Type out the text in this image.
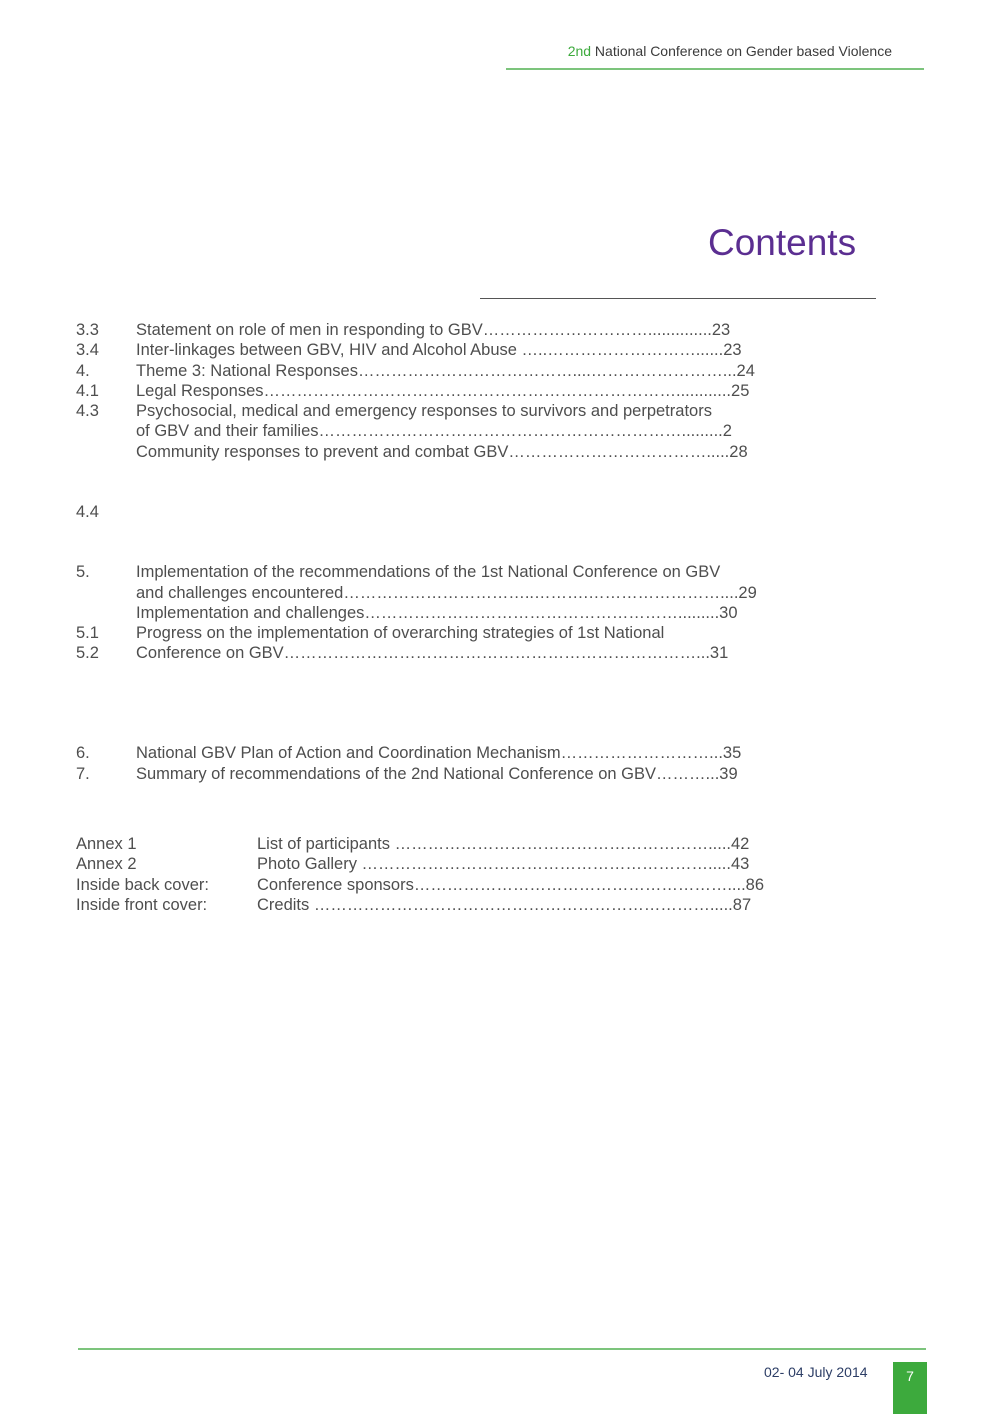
2nd National Conference on Gender based Violence
Contents
3.3 Statement on role of men in responding to GBV…………………………..............23
3.4 Inter-linkages between GBV, HIV and Alcohol Abuse …..………………………......23
4.	Theme 3: National Responses…………………………………....……………………...24
4.1 Legal Responses…………………………………………………………………............25
4.3 Psychosocial, medical and emergency responses to survivors and perpetrators
of GBV and their families………………………………………………………….........2
Community responses to prevent and combat GBV……………………………….....28
4.4
5.	Implementation of the recommendations of the 1st National Conference on GBV
and challenges encountered……………………………..……….……………………....29
Implementation and challenges………………………………………………….........30
5.1 Progress on the implementation of overarching strategies of 1st National
5.2 Conference on GBV…………………………………………………………………...31
6.	National GBV Plan of Action and Coordination Mechanism………………………...35
7.	Summary of recommendations of the 2nd National Conference on GBV………...39
Annex 1	List of participants ………………………………………………….....42
Annex 2	Photo Gallery ……………………………………………………….....43
Inside back cover:	Conference sponsors…………………………………………………....86
Inside front cover:	Credits ……………………………………………………………….....87
02- 04 July 2014	7
